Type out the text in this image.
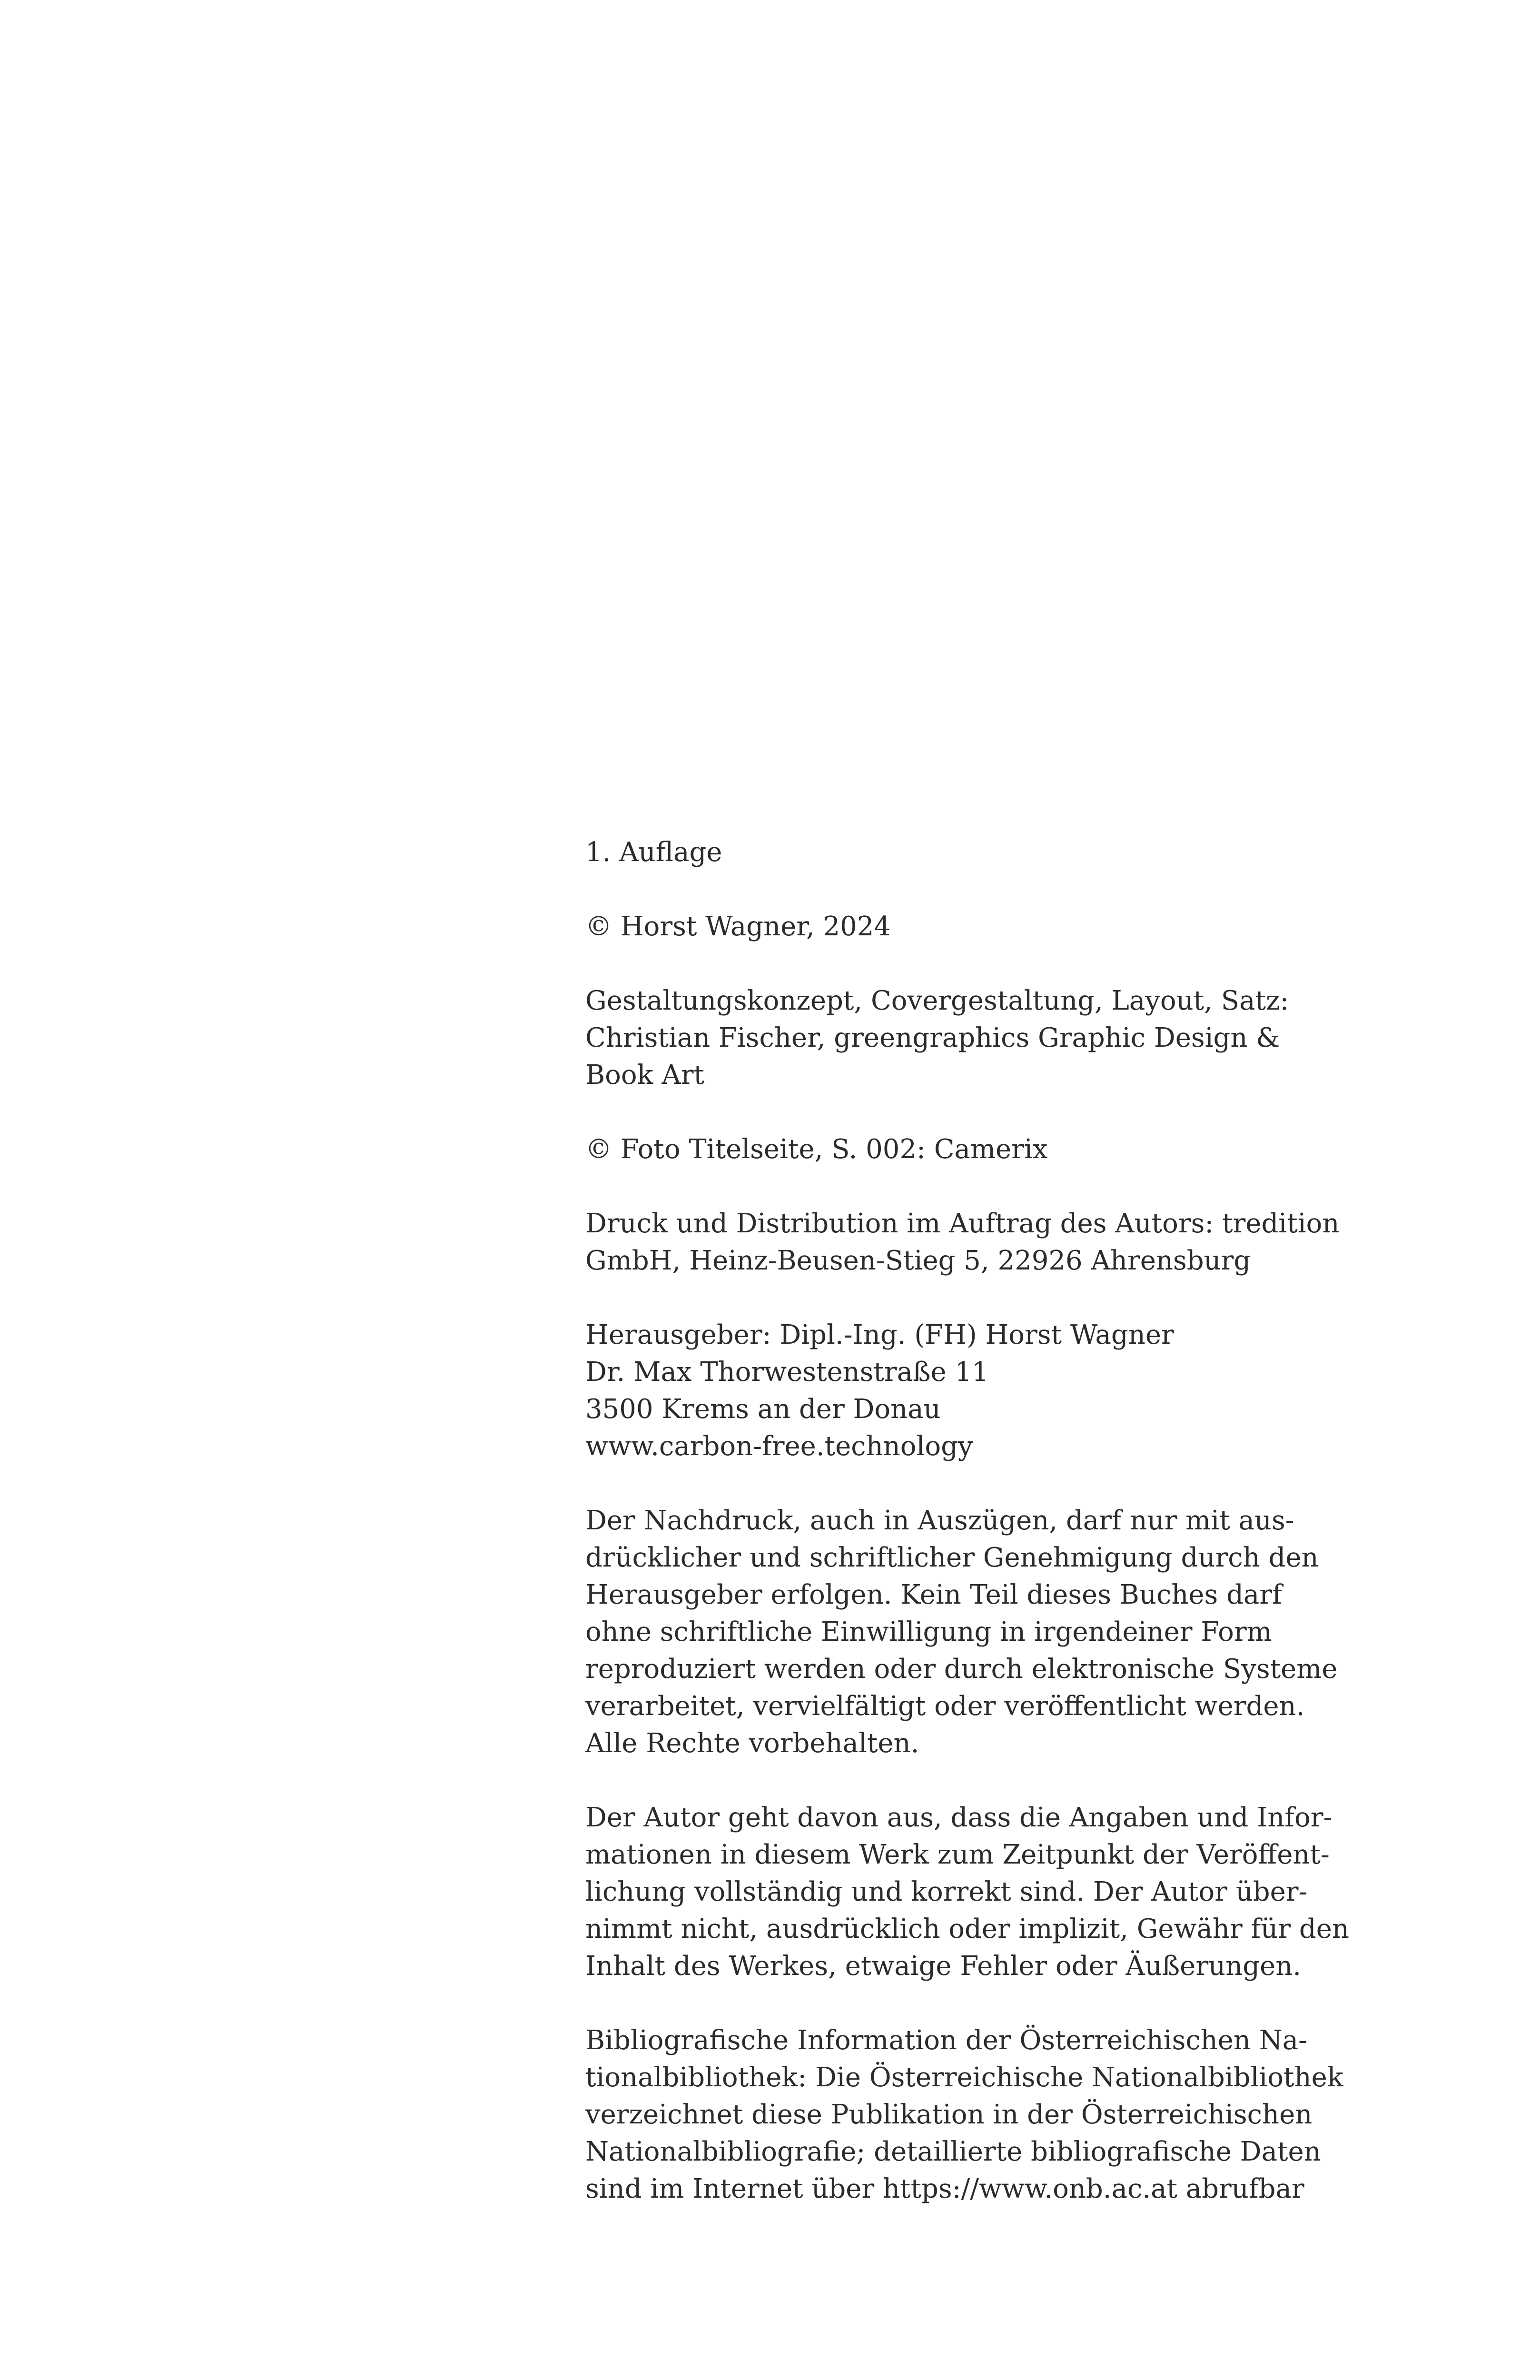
1. Auflage

© Horst Wagner, 2024

Gestaltungskonzept, Covergestaltung, Layout, Satz:
Christian Fischer, greengraphics Graphic Design &
Book Art

© Foto Titelseite, S. 002: Camerix

Druck und Distribution im Auftrag des Autors: tredition
GmbH, Heinz-Beusen-Stieg 5, 22926 Ahrensburg

Herausgeber: Dipl.-Ing. (FH) Horst Wagner
Dr. Max Thorwestenstraße 11
3500 Krems an der Donau
www.carbon-free.technology

Der Nachdruck, auch in Auszügen, darf nur mit aus-
drücklicher und schriftlicher Genehmigung durch den
Herausgeber erfolgen. Kein Teil dieses Buches darf
ohne schriftliche Einwilligung in irgendeiner Form
reproduziert werden oder durch elektronische Systeme
verarbeitet, vervielfältigt oder veröffentlicht werden.
Alle Rechte vorbehalten.

Der Autor geht davon aus, dass die Angaben und Infor-
mationen in diesem Werk zum Zeitpunkt der Veröffent-
lichung vollständig und korrekt sind. Der Autor über-
nimmt nicht, ausdrücklich oder implizit, Gewähr für den
Inhalt des Werkes, etwaige Fehler oder Äußerungen.

Bibliografische Information der Österreichischen Na-
tionalbibliothek: Die Österreichische Nationalbibliothek
verzeichnet diese Publikation in der Österreichischen
Nationalbibliografie; detaillierte bibliografische Daten
sind im Internet über https://www.onb.ac.at abrufbar
